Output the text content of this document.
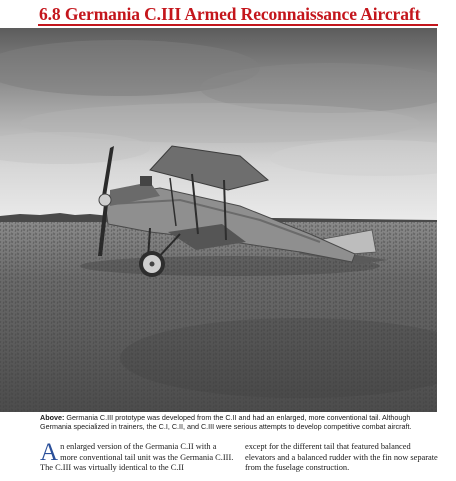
6.8 Germania C.III Armed Reconnaissance Aircraft
Above: Germania C.III prototype was developed from the C.II and had an enlarged, more conventional tail. Although Germania specialized in trainers, the C.I, C.II, and C.III were serious attempts to develop competitive combat aircraft.
An enlarged version of the Germania C.II with a more conventional tail unit was the Germania C.III. The C.III was virtually identical to the C.II
except for the different tail that featured balanced elevators and a balanced rudder with the fin now separate from the fuselage construction.
